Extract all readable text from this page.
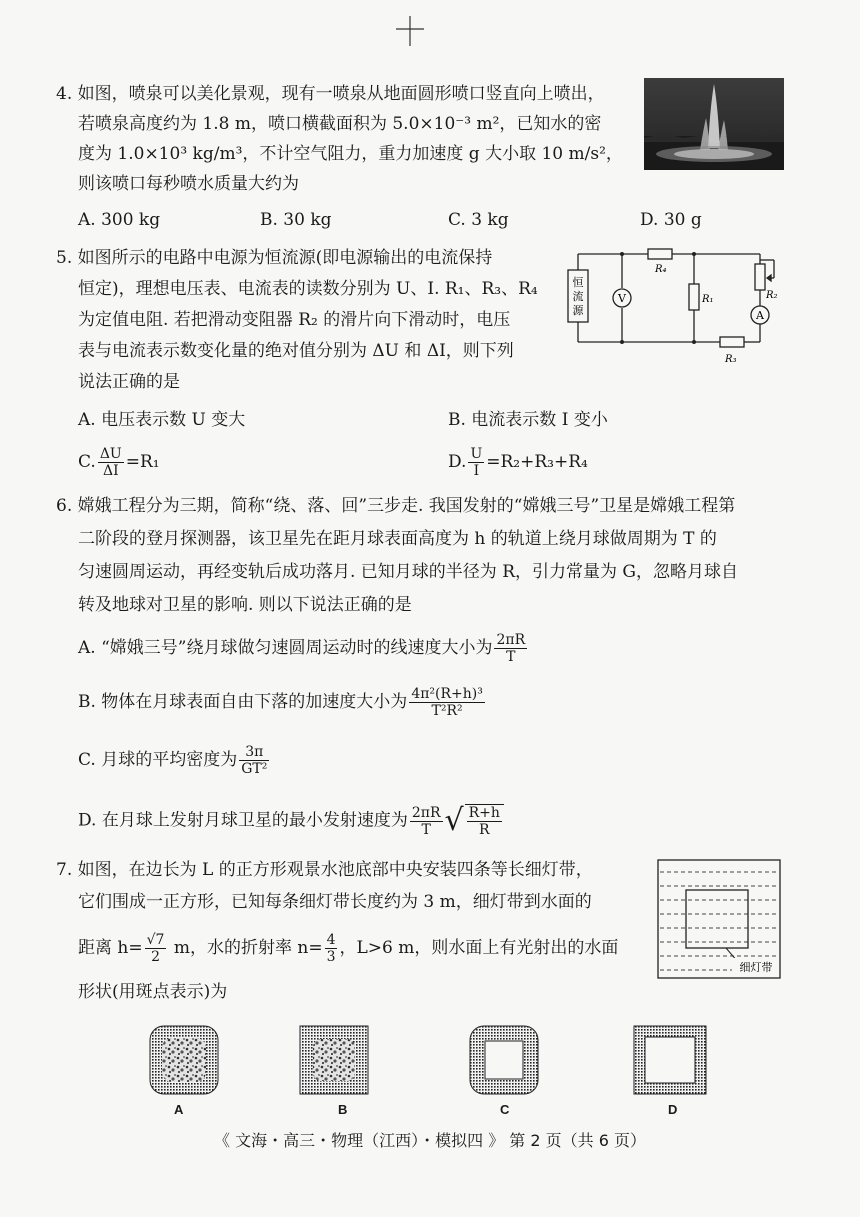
4. 如图，喷泉可以美化景观，现有一喷泉从地面圆形喷口竖直向上喷出，
若喷泉高度约为 1.8 m，喷口横截面积为 5.0×10⁻³ m²，已知水的密
度为 1.0×10³ kg/m³，不计空气阻力，重力加速度 g 大小取 10 m/s²，
则该喷口每秒喷水质量大约为
A. 300 kg	B. 30 kg	C. 3 kg	D. 30 g
5. 如图所示的电路中电源为恒流源(即电源输出的电流保持
恒定)，理想电压表、电流表的读数分别为 U、I. R₁、R₃、R₄
为定值电阻. 若把滑动变阻器 R₂ 的滑片向下滑动时，电压
表与电流表示数变化量的绝对值分别为 ΔU 和 ΔI，则下列
说法正确的是
A. 电压表示数 U 变大	B. 电流表示数 I 变小
C. $\frac{\Delta U}{\Delta I} =R_1$	D. $\frac{U}{I} =R_2+R_3+R_4$
恒
流
源
V
A
R₄
R₁	R₂
R₃
6. 嫦娥工程分为三期，简称“绕、落、回”三步走. 我国发射的“嫦娥三号”卫星是嫦娥工程第
二阶段的登月探测器，该卫星先在距月球表面高度为 h 的轨道上绕月球做周期为 T 的
匀速圆周运动，再经变轨后成功落月. 已知月球的半径为 R，引力常量为 G，忽略月球自
转及地球对卫星的影响. 则以下说法正确的是
A. “嫦娥三号”绕月球做匀速圆周运动时的线速度大小为 $\frac{2\pi R}{T}$
B. 物体在月球表面自由下落的加速度大小为 $\frac{\text{4π²(R+h)³}}{\text{T²R²}}$
C. 月球的平均密度为 $\frac{3\pi}{\text{GT²}}$
D. 在月球上发射月球卫星的最小发射速度为 $\frac{2\pi R}{T}$ √ $\frac{R+h}{R}$
7. 如图，在边长为 L 的正方形观景水池底部中央安装四条等长细灯带，
它们围成一正方形，已知每条细灯带长度约为 3 m，细灯带到水面的
距离 $h= \frac{√7}{2}$ m，水的折射率 $n= \frac{4}{3}$ ，L>6 m，则水面上有光射出的水面
形状(用斑点表示)为
细灯带
A	B	C	D
《 文海・高三・物理（江西）・模拟四 》 第 2 页（共 6 页）
